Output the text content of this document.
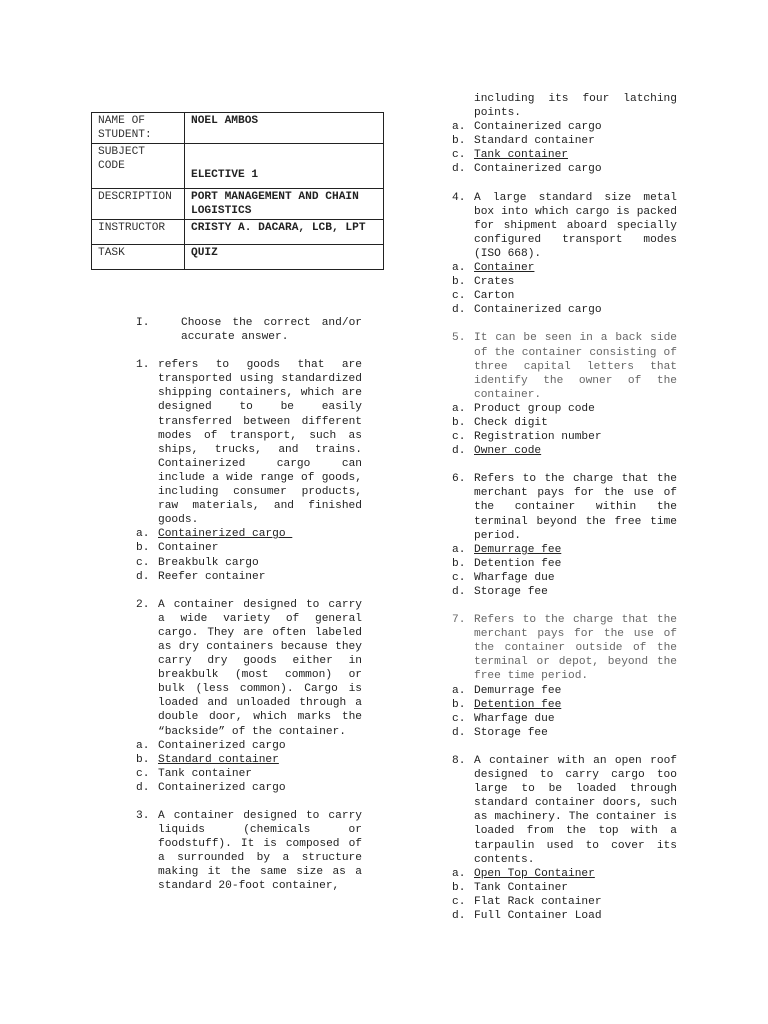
NAME OF STUDENT:	NOEL AMBOS
SUBJECT CODE	ELECTIVE 1
DESCRIPTION	PORT MANAGEMENT AND CHAIN LOGISTICS
INSTRUCTOR	CRISTY A. DACARA, LCB, LPT
TASK	QUIZ
I.	Choose the correct and/or accurate answer.
1. refers to goods that are transported using standardized shipping containers, which are designed to be easily transferred between different modes of transport, such as ships, trucks, and trains. Containerized cargo can include a wide range of goods, including consumer products, raw materials, and finished goods.
a. Containerized cargo
b. Container
c. Breakbulk cargo
d. Reefer container
2. A container designed to carry a wide variety of general cargo. They are often labeled as dry containers because they carry dry goods either in breakbulk (most common) or bulk (less common). Cargo is loaded and unloaded through a double door, which marks the “backside” of the container.
a. Containerized cargo
b. Standard container
c. Tank container
d. Containerized cargo
3. A container designed to carry liquids (chemicals or foodstuff). It is composed of a surrounded by a structure making it the same size as a standard 20-foot container,
including its four latching points.
a. Containerized cargo
b. Standard container
c. Tank container
d. Containerized cargo
4. A large standard size metal box into which cargo is packed for shipment aboard specially configured transport modes (ISO 668).
a. Container
b. Crates
c. Carton
d. Containerized cargo
5. It can be seen in a back side of the container consisting of three capital letters that identify the owner of the container.
a. Product group code
b. Check digit
c. Registration number
d. Owner code
6. Refers to the charge that the merchant pays for the use of the container within the terminal beyond the free time period.
a. Demurrage fee
b. Detention fee
c. Wharfage due
d. Storage fee
7. Refers to the charge that the merchant pays for the use of the container outside of the terminal or depot, beyond the free time period.
a. Demurrage fee
b. Detention fee
c. Wharfage due
d. Storage fee
8. A container with an open roof designed to carry cargo too large to be loaded through standard container doors, such as machinery. The container is loaded from the top with a tarpaulin used to cover its contents.
a. Open Top Container
b. Tank Container
c. Flat Rack container
d. Full Container Load
